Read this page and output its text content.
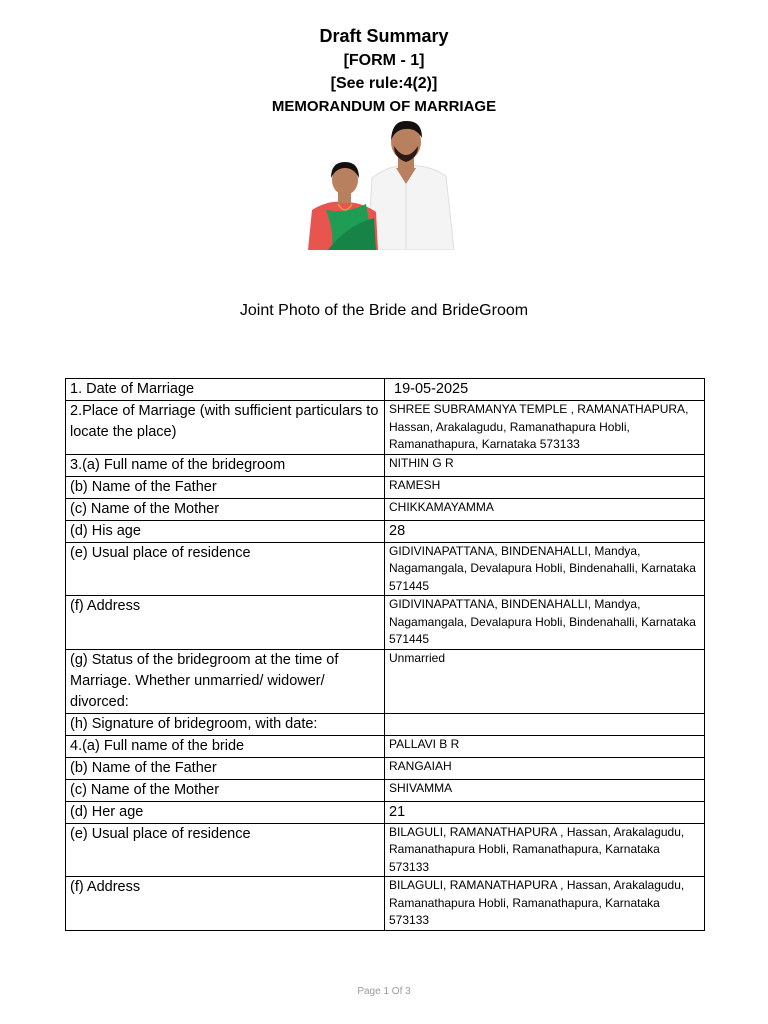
Draft Summary
[FORM - 1]
[See rule:4(2)]
MEMORANDUM OF MARRIAGE
Joint Photo of the Bride and BrideGroom
1. Date of Marriage	19-05-2025
2.Place of Marriage (with sufficient particulars to locate the place)	SHREE SUBRAMANYA TEMPLE , RAMANATHAPURA, Hassan, Arakalagudu, Ramanathapura Hobli, Ramanathapura, Karnataka 573133
3.(a) Full name of the bridegroom	NITHIN G R
(b) Name of the Father	RAMESH
(c) Name of the Mother	CHIKKAMAYAMMA
(d) His age	28
(e) Usual place of residence	GIDIVINAPATTANA, BINDENAHALLI, Mandya, Nagamangala, Devalapura Hobli, Bindenahalli, Karnataka 571445
(f) Address	GIDIVINAPATTANA, BINDENAHALLI, Mandya, Nagamangala, Devalapura Hobli, Bindenahalli, Karnataka 571445
(g) Status of the bridegroom at the time of Marriage. Whether unmarried/ widower/ divorced:	Unmarried
(h) Signature of bridegroom, with date:	
4.(a) Full name of the bride	PALLAVI B R
(b) Name of the Father	RANGAIAH
(c) Name of the Mother	SHIVAMMA
(d) Her age	21
(e) Usual place of residence	BILAGULI, RAMANATHAPURA , Hassan, Arakalagudu, Ramanathapura Hobli, Ramanathapura, Karnataka 573133
(f) Address	BILAGULI, RAMANATHAPURA , Hassan, Arakalagudu, Ramanathapura Hobli, Ramanathapura, Karnataka 573133
Page 1 Of 3
